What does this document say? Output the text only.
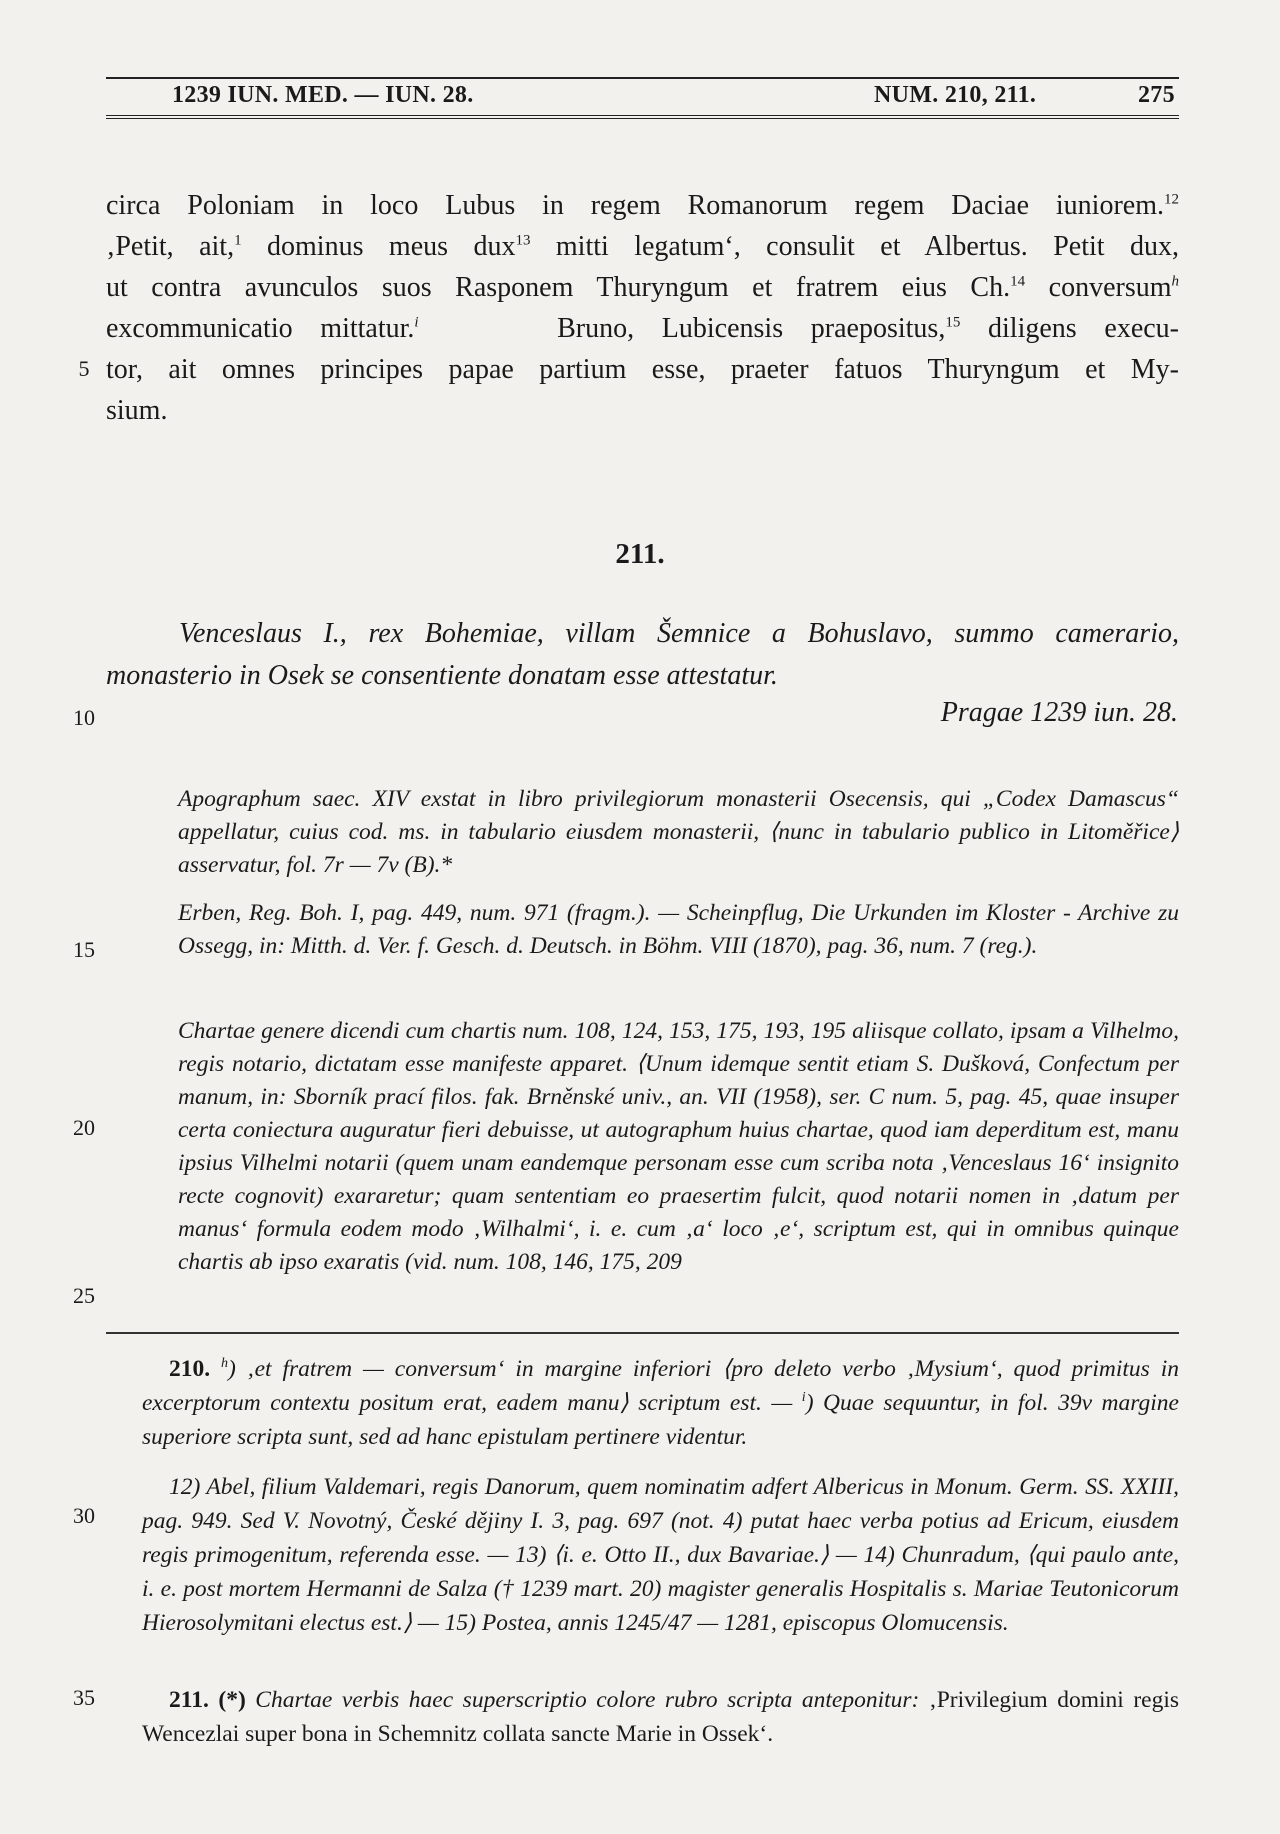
1239 IUN. MED. — IUN. 28.	NUM. 210, 211.	275
5
10
15
20
25
30
35

circa Poloniam in loco Lubus in regem Romanorum regem Daciae iuniorem.$^{12}$

‚Petit, ait,$^1$ dominus meus dux$^{13}$ mitti legatum‘, consulit et Albertus. Petit dux,

ut contra avunculos suos Rasponem Thuryngum et fratrem eius Ch.$^{14}$ conversum$^h$

excommunicatio mittatur.$^i$     Bruno, Lubicensis praepositus,$^{15}$ diligens execu-

tor, ait omnes principes papae partium esse, praeter fatuos Thuryngum et My-

sium.

211.

Venceslaus I., rex Bohemiae, villam Šemnice a Bohuslavo, summo camerario, monasterio in Osek se consentiente donatam esse attestatur.

Pragae 1239 iun. 28.

Apographum saec. XIV exstat in libro privilegiorum monasterii Osecensis, qui „Codex Damascus“ appellatur, cuius cod. ms. in tabulario eiusdem monasterii, ⟨nunc in tabulario publico in Litoměřice⟩ asservatur, fol. 7r — 7v (B).*

Erben, Reg. Boh. I, pag. 449, num. 971 (fragm.). — Scheinpflug, Die Urkunden im Kloster - Archive zu Ossegg, in: Mitth. d. Ver. f. Gesch. d. Deutsch. in Böhm. VIII (1870), pag. 36, num. 7 (reg.).

Chartae genere dicendi cum chartis num. 108, 124, 153, 175, 193, 195 aliisque collato, ipsam a Vilhelmo, regis notario, dictatam esse manifeste apparet. ⟨Unum idemque sentit etiam S. Dušková, Confectum per manum, in: Sborník prací filos. fak. Brněnské univ., an. VII (1958), ser. C num. 5, pag. 45, quae insuper certa coniectura auguratur fieri debuisse, ut autographum huius chartae, quod iam deperditum est, manu ipsius Vilhelmi notarii (quem unam eandemque personam esse cum scriba nota ‚Venceslaus 16‘ insignito recte cognovit) exararetur; quam sententiam eo praesertim fulcit, quod notarii nomen in ‚datum per manus‘ formula eodem modo ‚Wilhalmi‘, i. e. cum ‚a‘ loco ‚e‘, scriptum est, qui in omnibus quinque chartis ab ipso exaratis (vid. num. 108, 146, 175, 209

210. $^h$) ‚et fratrem — conversum‘ in margine inferiori ⟨pro deleto verbo ‚Mysium‘, quod primitus in excerptorum contextu positum erat, eadem manu⟩ scriptum est. — $^i$) Quae sequuntur, in fol. 39v margine superiore scripta sunt, sed ad hanc epistulam pertinere videntur.

12) Abel, filium Valdemari, regis Danorum, quem nominatim adfert Albericus in Monum. Germ. SS. XXIII, pag. 949. Sed V. Novotný, České dějiny I. 3, pag. 697 (not. 4) putat haec verba potius ad Ericum, eiusdem regis primogenitum, referenda esse. — 13) ⟨i. e. Otto II., dux Bavariae.⟩ — 14) Chunradum, ⟨qui paulo ante, i. e. post mortem Hermanni de Salza († 1239 mart. 20) magister generalis Hospitalis s. Mariae Teutonicorum Hierosolymitani electus est.⟩ — 15) Postea, annis 1245/47 — 1281, episcopus Olomucensis.

211. (*) Chartae verbis haec superscriptio colore rubro scripta anteponitur: ‚Privilegium domini regis Wencezlai super bona in Schemnitz collata sancte Marie in Ossek‘.
